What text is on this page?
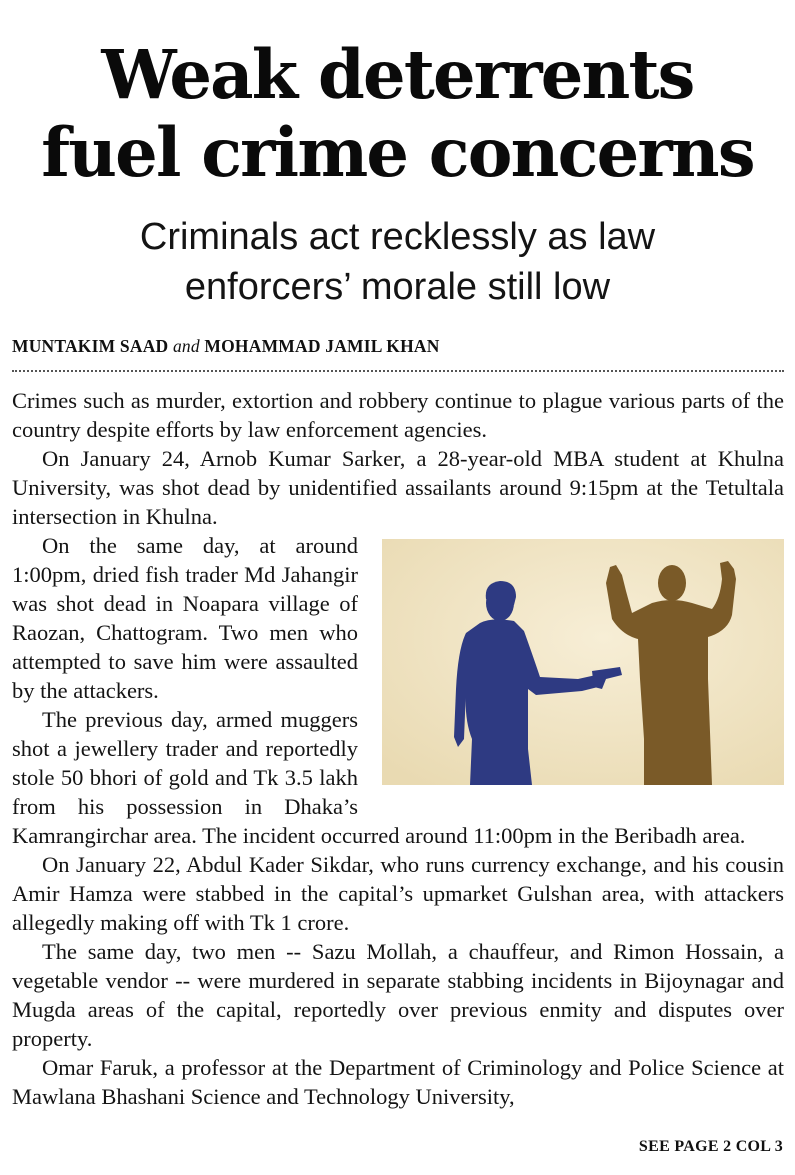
Weak deterrents
fuel crime concerns
Criminals act recklessly as law
enforcers’ morale still low
MUNTAKIM SAAD and MOHAMMAD JAMIL KHAN

Crimes such as murder, extortion and robbery continue to plague various parts of the country despite efforts by law enforcement agencies.

On January 24, Arnob Kumar Sarker, a 28-year-old MBA student at Khulna University, was shot dead by unidentified assailants around 9:15pm at the Tetultala intersection in Khulna.

On the same day, at around 1:00pm, dried fish trader Md Jahangir was shot dead in Noapara village of Raozan, Chattogram. Two men who attempted to save him were assaulted by the attackers.

The previous day, armed muggers shot a jewellery trader and reportedly stole 50 bhori of gold and Tk 3.5 lakh from his possession in Dhaka’s Kamrangirchar area. The incident occurred around 11:00pm in the Beribadh area.

On January 22, Abdul Kader Sikdar, who runs currency exchange, and his cousin Amir Hamza were stabbed in the capital’s upmarket Gulshan area, with attackers allegedly making off with Tk 1 crore.

The same day, two men -- Sazu Mollah, a chauffeur, and Rimon Hossain, a vegetable vendor -- were murdered in separate stabbing incidents in Bijoynagar and Mugda areas of the capital, reportedly over previous enmity and disputes over property.

Omar Faruk, a professor at the Department of Criminology and Police Science at Mawlana Bhashani Science and Technology University,

SEE PAGE 2 COL 3
